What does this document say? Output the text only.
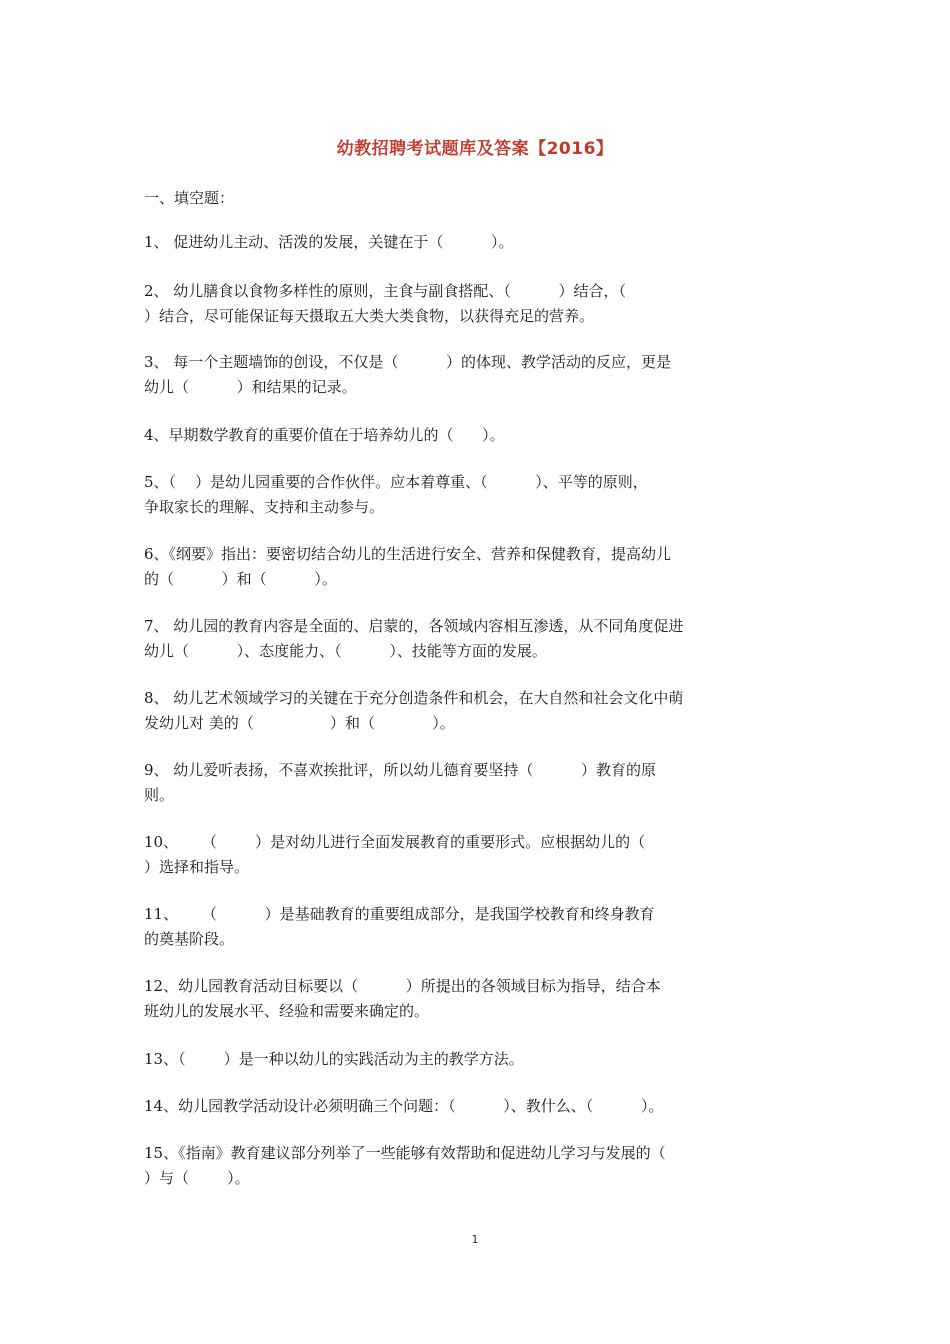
幼教招聘考试题库及答案【2016】
一、填空题：

1、 促进幼儿主动、活泼的发展，关键在于（          ）。

2、 幼儿膳食以食物多样性的原则，主食与副食搭配、（          ）结合，（
）结合，尽可能保证每天摄取五大类大类食物，以获得充足的营养。

3、 每一个主题墙饰的创设，不仅是（          ）的体现、教学活动的反应，更是
幼儿（          ）和结果的记录。

4、早期数学教育的重要价值在于培养幼儿的（      ）。

5、（    ）是幼儿园重要的合作伙伴。应本着尊重、（          ）、平等的原则，
争取家长的理解、支持和主动参与。

6、《纲要》指出：要密切结合幼儿的生活进行安全、营养和保健教育，提高幼儿
的（          ）和（          ）。

7、 幼儿园的教育内容是全面的、启蒙的，各领域内容相互渗透，从不同角度促进
幼儿（          ）、态度能力、（          ）、技能等方面的发展。

8、 幼儿艺术领域学习的关键在于充分创造条件和机会，在大自然和社会文化中萌
发幼儿对 美的（                ）和（            ）。

9、 幼儿爱听表扬，不喜欢挨批评，所以幼儿德育要坚持（          ）教育的原
则。

10、     （        ）是对幼儿进行全面发展教育的重要形式。应根据幼儿的（
）选择和指导。

11、     （          ）是基础教育的重要组成部分，是我国学校教育和终身教育
的奠基阶段。

12、幼儿园教育活动目标要以（          ）所提出的各领域目标为指导，结合本
班幼儿的发展水平、经验和需要来确定的。

13、（        ）是一种以幼儿的实践活动为主的教学方法。

14、幼儿园教学活动设计必须明确三个问题：（          ）、教什么、（          ）。

15、《指南》教育建议部分列举了一些能够有效帮助和促进幼儿学习与发展的（
）与（        ）。

1
